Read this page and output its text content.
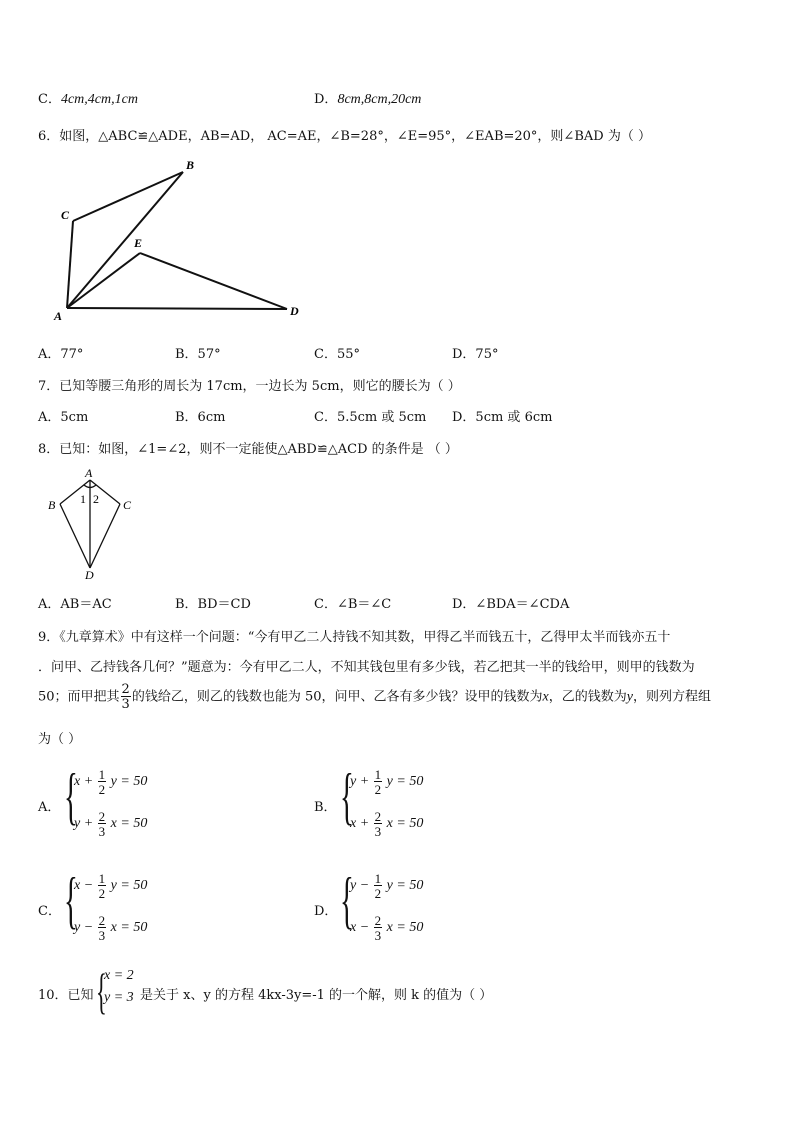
C．4cm,4cm,1cm	D．8cm,8cm,20cm
6．如图，△ABC≌△ADE，AB=AD， AC=AE，∠B=28°，∠E=95°，∠EAB=20°，则∠BAD 为（ ）
A
B
C
D
E
A．77°	B．57°	C．55°	D．75°
7．已知等腰三角形的周长为 17cm，一边长为 5cm，则它的腰长为（ ）
A．5cm	B．6cm	C．5.5cm 或 5cm D．5cm 或 6cm
8．已知：如图，∠1=∠2，则不一定能使△ABD≌△ACD 的条件是 （ ）
A
B	C
D
1 2
A．AB＝AC	B．BD＝CD	C．∠B＝∠C	D．∠BDA＝∠CDA
9．《九章算术》中有这样一个问题：“今有甲乙二人持钱不知其数，甲得乙半而钱五十，乙得甲太半而钱亦五十
．问甲、乙持钱各几何？”题意为：今有甲乙二人，不知其钱包里有多少钱，若乙把其一半的钱给甲，则甲的钱数为
50；而甲把其 $\frac{2}{3}$ 的钱给乙，则乙的钱数也能为 50，问甲、乙各有多少钱？设甲的钱数为x，乙的钱数为y，则列方程组
为（ ）
A． {
$x + \frac{1}{2}$ y = 50
$y + \frac{2}{3}$ x = 50
B． {
$y + \frac{1}{2}$ y = 50
$x + \frac{2}{3}$ x = 50
C． {
$x - \frac{1}{2}$ y = 50
$y - \frac{2}{3}$ x = 50
D． {
$y - \frac{1}{2}$ y = 50
$x - \frac{2}{3}$ x = 50
10．已知 {
x = 2
y = 3 是关于 x、y 的方程 4kx-3y=-1 的一个解，则 k 的值为（ ）
